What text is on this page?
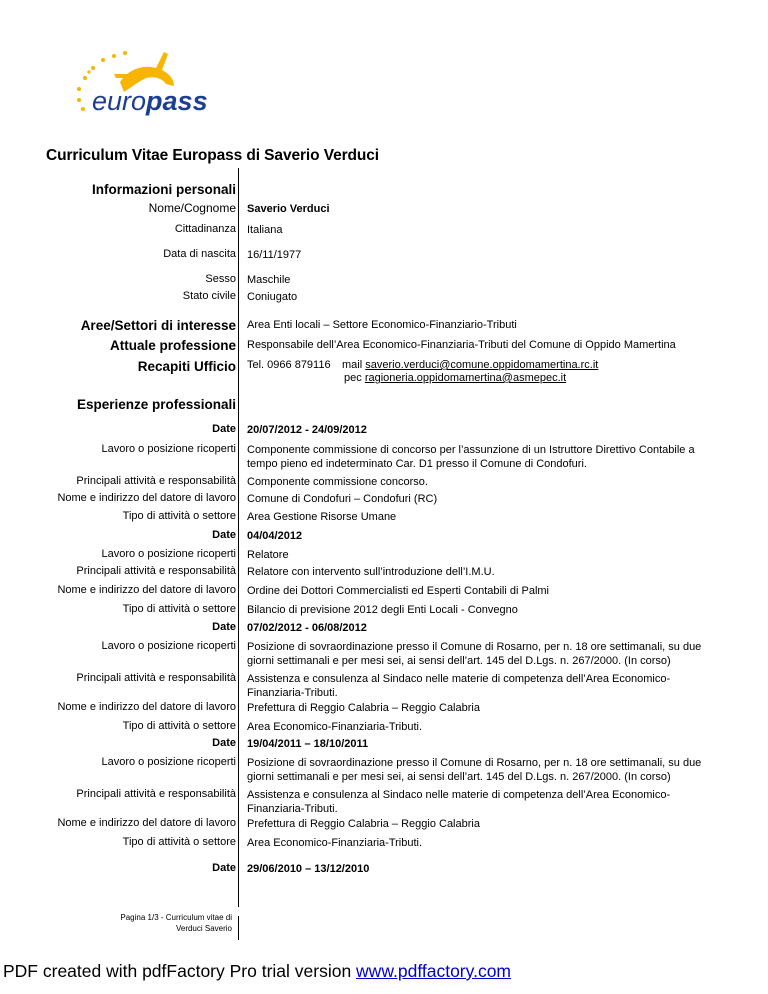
europass
Curriculum Vitae Europass di Saverio Verduci
Informazioni personali
Nome/Cognome Saverio Verduci
Cittadinanza Italiana
Data di nascita 16/11/1977
Sesso Maschile
Stato civile Coniugato
Aree/Settori di interesse Area Enti locali – Settore Economico-Finanziario-Tributi
Attuale professione Responsabile dell’Area Economico-Finanziaria-Tributi del Comune di Oppido Mamertina
Recapiti Ufficio Tel. 0966 879116	mail saverio.verduci@comune.oppidomamertina.rc.it
pec ragioneria.oppidomamertina@asmepec.it
Esperienze professionali
Date 20/07/2012 - 24/09/2012
Lavoro o posizione ricoperti Componente commissione di concorso per l’assunzione di un Istruttore Direttivo Contabile a tempo pieno ed indeterminato Car. D1 presso il Comune di Condofuri.
Principali attività e responsabilità Componente commissione concorso.
Nome e indirizzo del datore di lavoro Comune di Condofuri – Condofuri (RC)
Tipo di attività o settore Area Gestione Risorse Umane
Date 04/04/2012
Lavoro o posizione ricoperti Relatore
Principali attività e responsabilità Relatore con intervento sull’introduzione dell’I.M.U.
Nome e indirizzo del datore di lavoro Ordine dei Dottori Commercialisti ed Esperti Contabili di Palmi
Tipo di attività o settore Bilancio di previsione 2012 degli Enti Locali - Convegno
Date 07/02/2012 - 06/08/2012
Lavoro o posizione ricoperti Posizione di sovraordinazione presso il Comune di Rosarno, per n. 18 ore settimanali, su due giorni settimanali e per mesi sei, ai sensi dell’art. 145 del D.Lgs. n. 267/2000. (In corso)
Principali attività e responsabilità Assistenza e consulenza al Sindaco nelle materie di competenza dell’Area Economico-Finanziaria-Tributi.
Nome e indirizzo del datore di lavoro Prefettura di Reggio Calabria – Reggio Calabria
Tipo di attività o settore Area Economico-Finanziaria-Tributi.
Date 19/04/2011 – 18/10/2011
Lavoro o posizione ricoperti Posizione di sovraordinazione presso il Comune di Rosarno, per n. 18 ore settimanali, su due giorni settimanali e per mesi sei, ai sensi dell’art. 145 del D.Lgs. n. 267/2000. (In corso)
Principali attività e responsabilità Assistenza e consulenza al Sindaco nelle materie di competenza dell’Area Economico-Finanziaria-Tributi.
Nome e indirizzo del datore di lavoro Prefettura di Reggio Calabria – Reggio Calabria
Tipo di attività o settore Area Economico-Finanziaria-Tributi.
Date 29/06/2010 – 13/12/2010
Pagina 1/3 - Curriculum vitae di
Verduci Saverio
PDF created with pdfFactory Pro trial version www.pdffactory.com
